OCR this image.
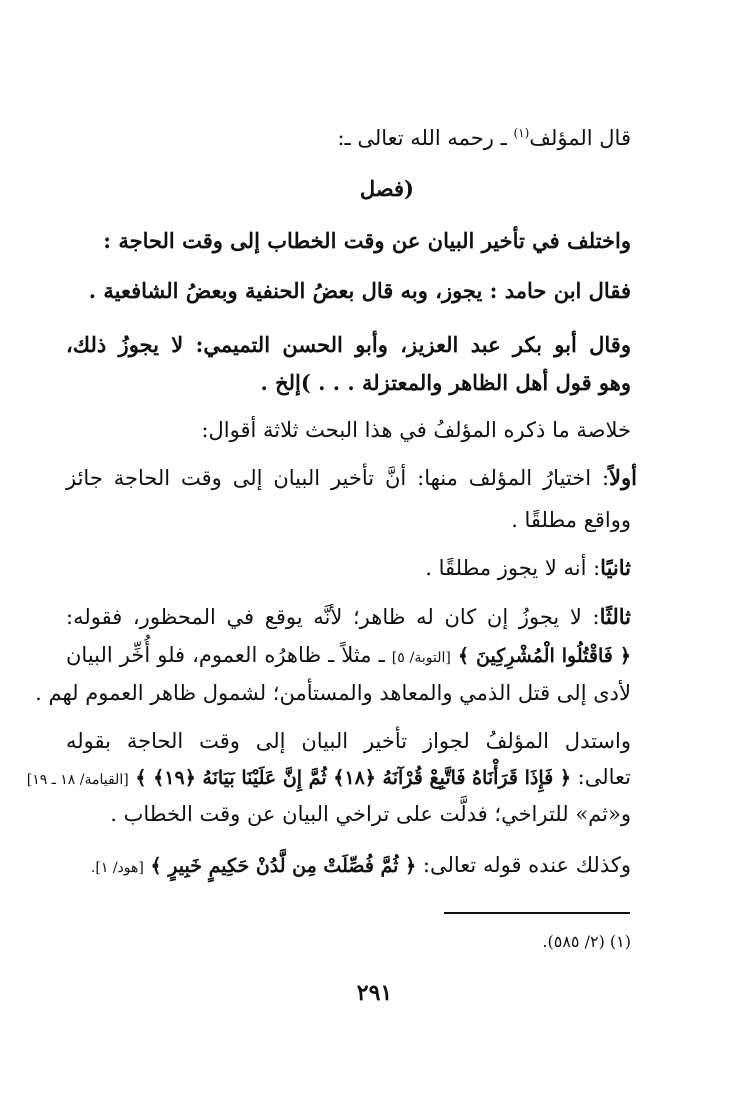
قال المؤلف$^{(١)}$ ـ رحمه الله تعالى ـ:
(فصل
واختلف في تأخير البيان عن وقت الخطاب إلى وقت الحاجة :
فقال ابن حامد : يجوز، وبه قال بعضُ الحنفية وبعضُ الشافعية .
وقال أبو بكر عبد العزيز، وأبو الحسن التميمي: لا يجوزُ ذلك،
وهو قول أهل الظاهر والمعتزلة . . . )إلخ .
خلاصة ما ذكره المؤلفُ في هذا البحث ثلاثة أقوال:
أولاً: اختيارُ المؤلف منها: أنَّ تأخير البيان إلى وقت الحاجة جائز
وواقع مطلقًا .
ثانيًا: أنه لا يجوز مطلقًا .
ثالثًا: لا يجوزُ إن كان له ظاهر؛ لأنَّه يوقع في المحظور، فقوله:
﴿ فَاقْتُلُوا الْمُشْرِكِينَ ﴾ [التوبة/ ٥] ـ مثلاً ـ ظاهرُه العموم، فلو أُخِّر البيان
لأدى إلى قتل الذمي والمعاهد والمستأمن؛ لشمول ظاهر العموم لهم .
واستدل المؤلفُ لجواز تأخير البيان إلى وقت الحاجة بقوله
تعالى: ﴿ فَإِذَا قَرَأْنَاهُ فَاتَّبِعْ قُرْآنَهُ ﴿١٨﴾ ثُمَّ إِنَّ عَلَيْنَا بَيَانَهُ ﴿١٩﴾ ﴾ [القيامة/ ١٨ ـ ١٩]
و«ثم» للتراخي؛ فدلَّت على تراخي البيان عن وقت الخطاب .
وكذلك عنده قوله تعالى: ﴿ ثُمَّ فُصِّلَتْ مِن لَّدُنْ حَكِيمٍ خَبِيرٍ ﴾ [هود/ ١].
(١) (٢/ ٥٨٥).
٢٩١
